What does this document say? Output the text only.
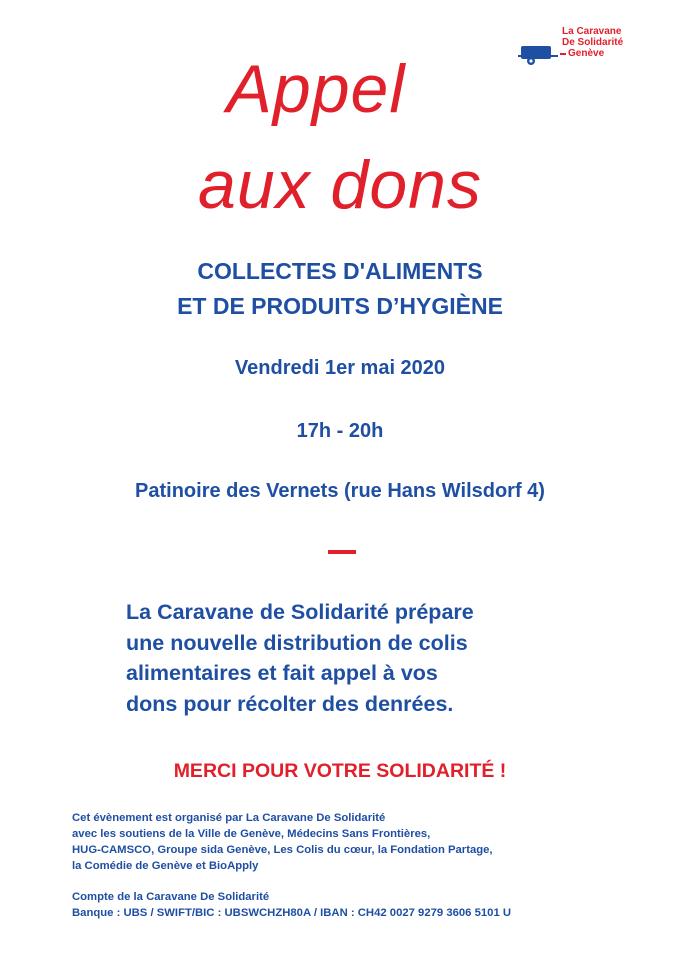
La Caravane
De Solidarité
Genève
Appel
aux dons
COLLECTES D'ALIMENTS
ET DE PRODUITS D’HYGIÈNE
Vendredi 1er mai 2020
17h - 20h
Patinoire des Vernets (rue Hans Wilsdorf 4)
La Caravane de Solidarité prépare
une nouvelle distribution de colis
alimentaires et fait appel à vos
dons pour récolter des denrées.
MERCI POUR VOTRE SOLIDARITÉ !
Cet évènement est organisé par La Caravane De Solidarité
avec les soutiens de la Ville de Genève, Médecins Sans Frontières,
HUG-CAMSCO, Groupe sida Genève, Les Colis du cœur, la Fondation Partage,
la Comédie de Genève et BioApply
Compte de la Caravane De Solidarité
Banque : UBS / SWIFT/BIC : UBSWCHZH80A / IBAN : CH42 0027 9279 3606 5101 U
